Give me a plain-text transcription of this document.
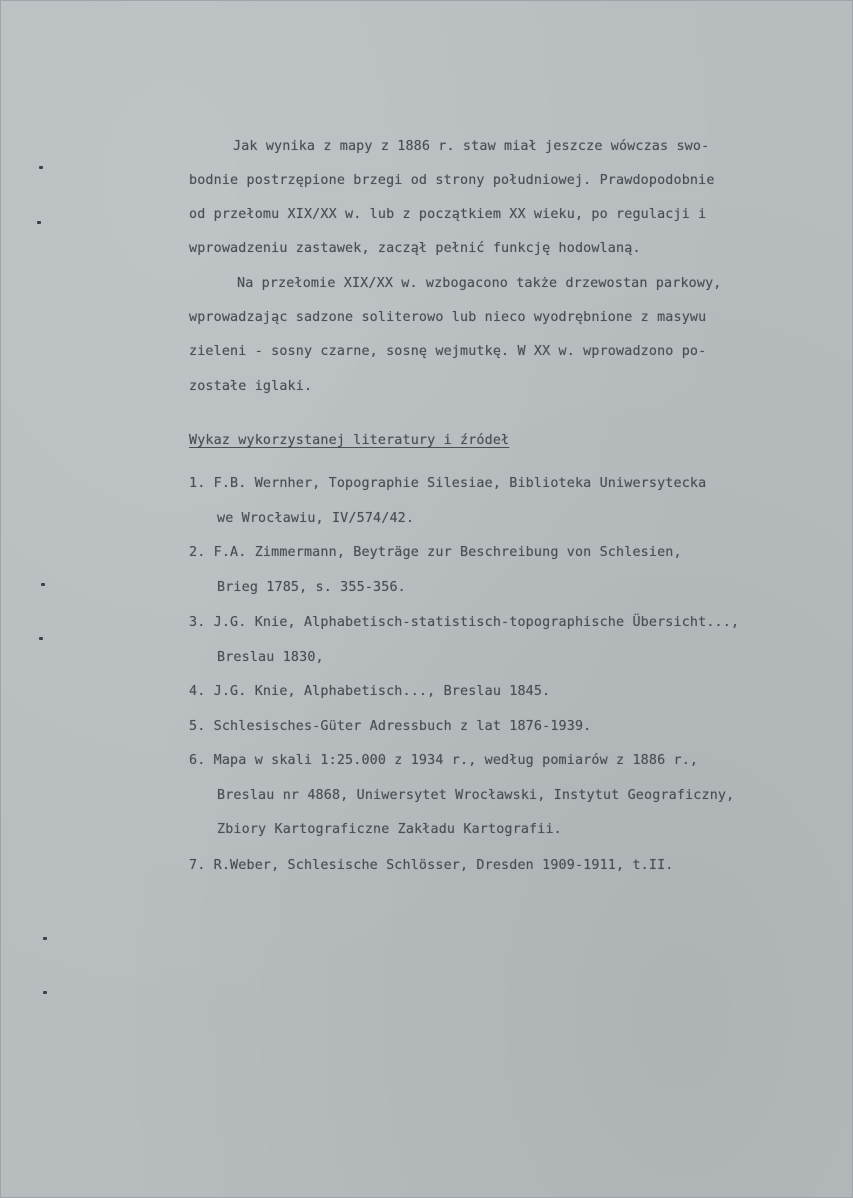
Jak wynika z mapy z 1886 r. staw miał jeszcze wówczas swo-
bodnie postrzępione brzegi od strony południowej. Prawdopodobnie
od przełomu XIX/XX w. lub z początkiem XX wieku, po regulacji i
wprowadzeniu zastawek, zaczął pełnić funkcję hodowlaną.
Na przełomie XIX/XX w. wzbogacono także drzewostan parkowy,
wprowadzając sadzone soliterowo lub nieco wyodrębnione z masywu
zieleni - sosny czarne, sosnę wejmutkę. W XX w. wprowadzono po-
zostałe iglaki.
Wykaz wykorzystanej literatury i źródeł
1. F.B. Wernher, Topographie Silesiae, Biblioteka Uniwersytecka
we Wrocławiu, IV/574/42.
2. F.A. Zimmermann, Beyträge zur Beschreibung von Schlesien,
Brieg 1785, s. 355-356.
3. J.G. Knie, Alphabetisch-statistisch-topographische Übersicht...,
Breslau 1830,
4. J.G. Knie, Alphabetisch..., Breslau 1845.
5. Schlesisches-Güter Adressbuch z lat 1876-1939.
6. Mapa w skali 1:25.000 z 1934 r., według pomiarów z 1886 r.,
Breslau nr 4868, Uniwersytet Wrocławski, Instytut Geograficzny,
Zbiory Kartograficzne Zakładu Kartografii.
7. R.Weber, Schlesische Schlösser, Dresden 1909-1911, t.II.
